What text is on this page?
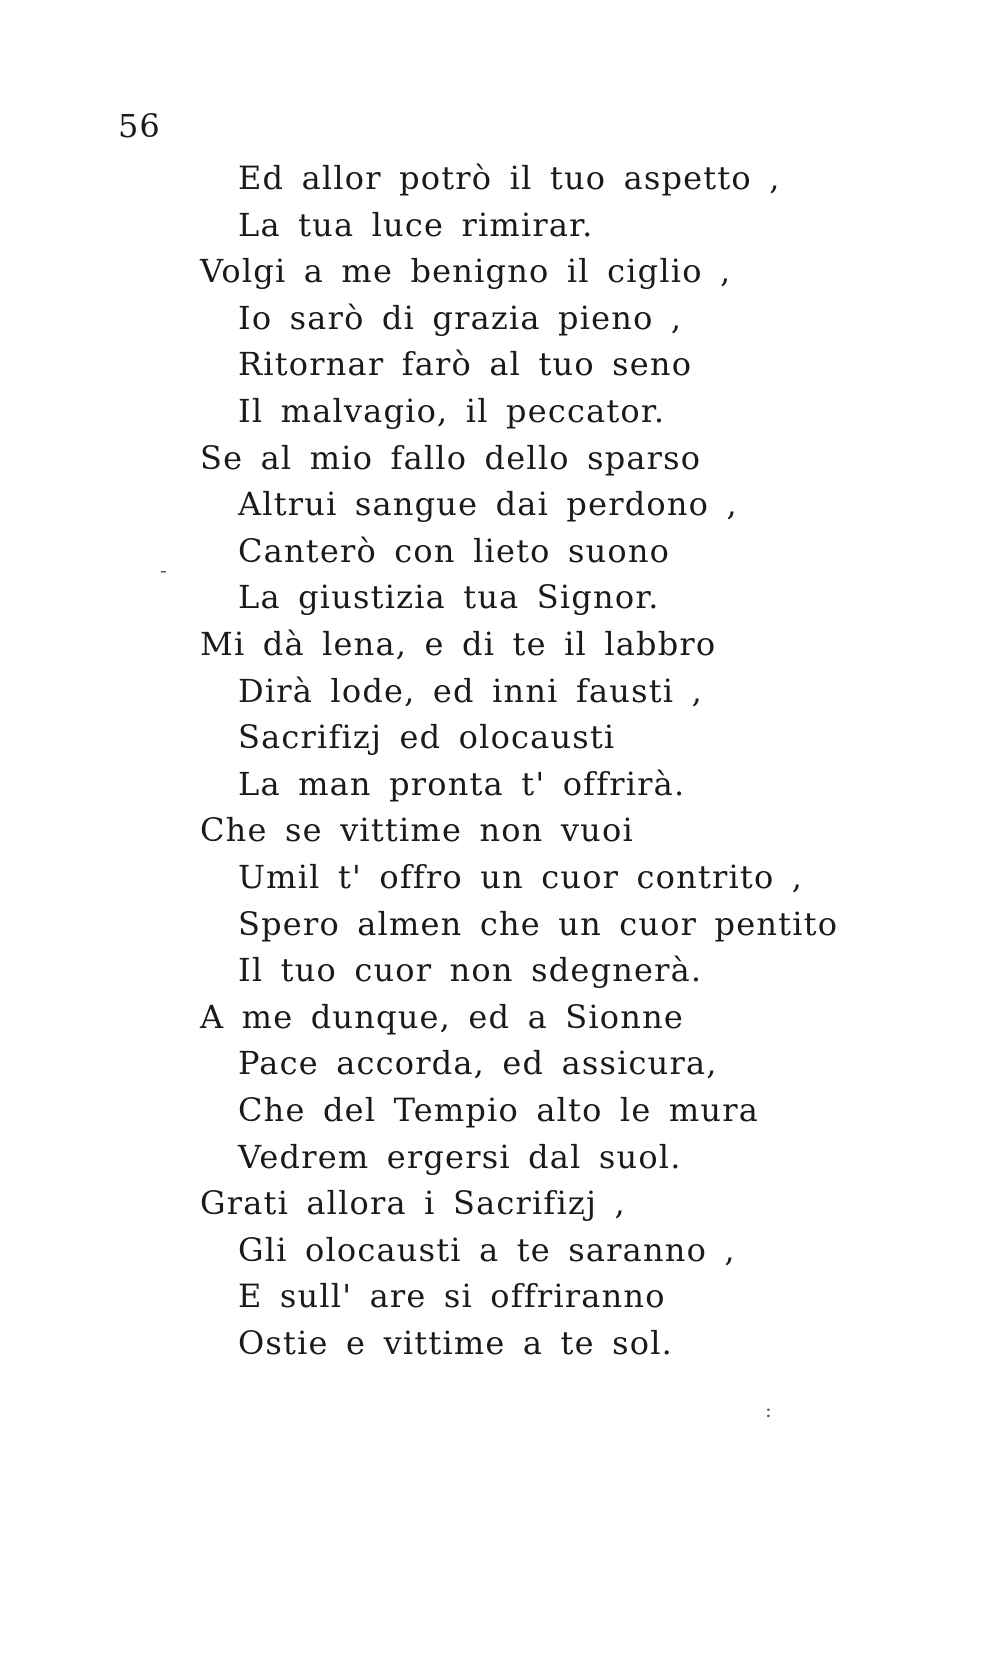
56
Ed allor potrò il tuo aspetto ,
La tua luce rimirar.
Volgi a me benigno il ciglio ,
Io sarò di grazia pieno ,
Ritornar farò al tuo seno
Il malvagio, il peccator.
Se al mio fallo dello sparso
Altrui sangue dai perdono ,
Canterò con lieto suono
La giustizia tua Signor.
Mi dà lena, e di te il labbro
Dirà lode, ed inni fausti ,
Sacrifizj ed olocausti
La man pronta t' offrirà.
Che se vittime non vuoi
Umil t' offro un cuor contrito ,
Spero almen che un cuor pentito
Il tuo cuor non sdegnerà.
A me dunque, ed a Sionne
Pace accorda, ed assicura,
Che del Tempio alto le mura
Vedrem ergersi dal suol.
Grati allora i Sacrifizj ,
Gli olocausti a te saranno ,
E sull' are si offriranno
Ostie e vittime a te sol.
-
:
